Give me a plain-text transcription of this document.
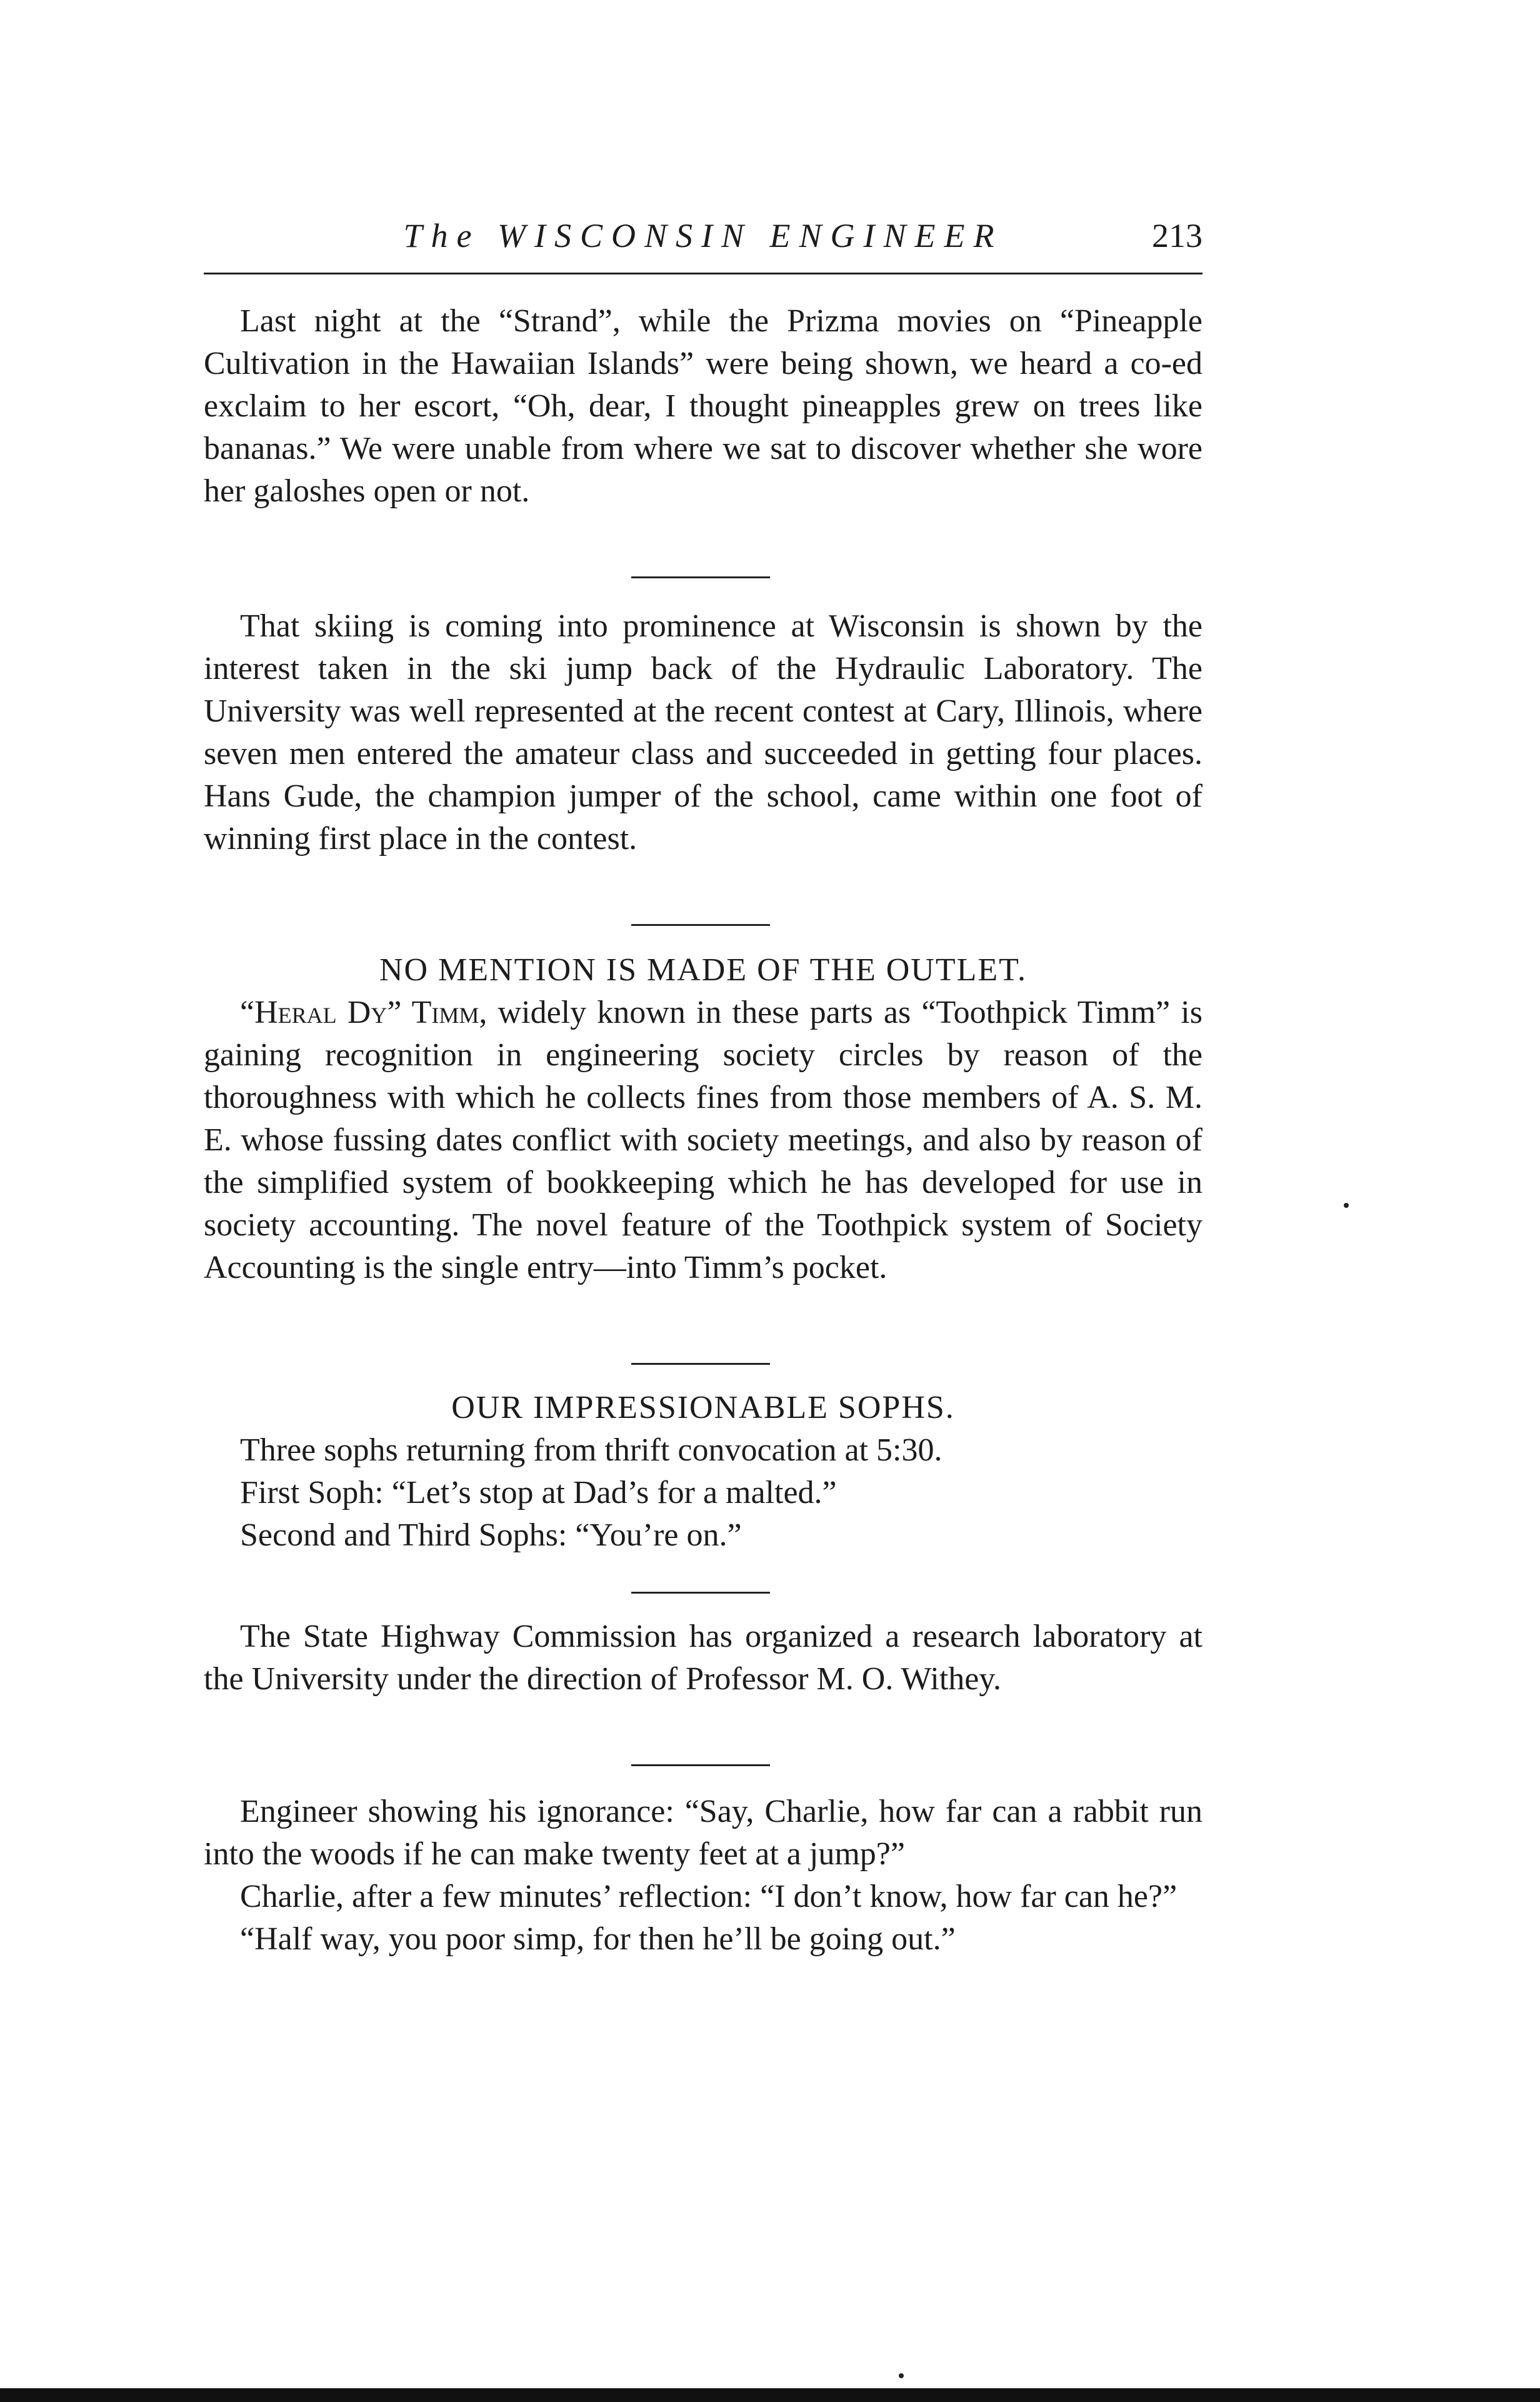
The WISCONSIN ENGINEER	213

Last night at the “Strand”, while the Prizma movies on “Pineapple Cultivation in the Hawaiian Islands” were being shown, we heard a co-ed exclaim to her escort, “Oh, dear, I thought pineapples grew on trees like bananas.” We were unable from where we sat to discover whether she wore her galoshes open or not.

That skiing is coming into prominence at Wisconsin is shown by the interest taken in the ski jump back of the Hydraulic Laboratory. The University was well represented at the recent contest at Cary, Illinois, where seven men entered the amateur class and succeeded in getting four places. Hans Gude, the champion jumper of the school, came within one foot of winning first place in the contest.

NO MENTION IS MADE OF THE OUTLET.

“Heral Dy” Timm, widely known in these parts as “Toothpick Timm” is gaining recognition in engineering society circles by reason of the thoroughness with which he collects fines from those members of A. S. M. E. whose fussing dates conflict with society meetings, and also by reason of the simplified system of bookkeeping which he has developed for use in society accounting. The novel feature of the Toothpick system of Society Accounting is the single entry—into Timm’s pocket.

OUR IMPRESSIONABLE SOPHS.

Three sophs returning from thrift convocation at 5:30.

First Soph: “Let’s stop at Dad’s for a malted.”

Second and Third Sophs: “You’re on.”

The State Highway Commission has organized a research laboratory at the University under the direction of Professor M. O. Withey.

Engineer showing his ignorance: “Say, Charlie, how far can a rabbit run into the woods if he can make twenty feet at a jump?”

Charlie, after a few minutes’ reflection: “I don’t know, how far can he?”

“Half way, you poor simp, for then he’ll be going out.”
